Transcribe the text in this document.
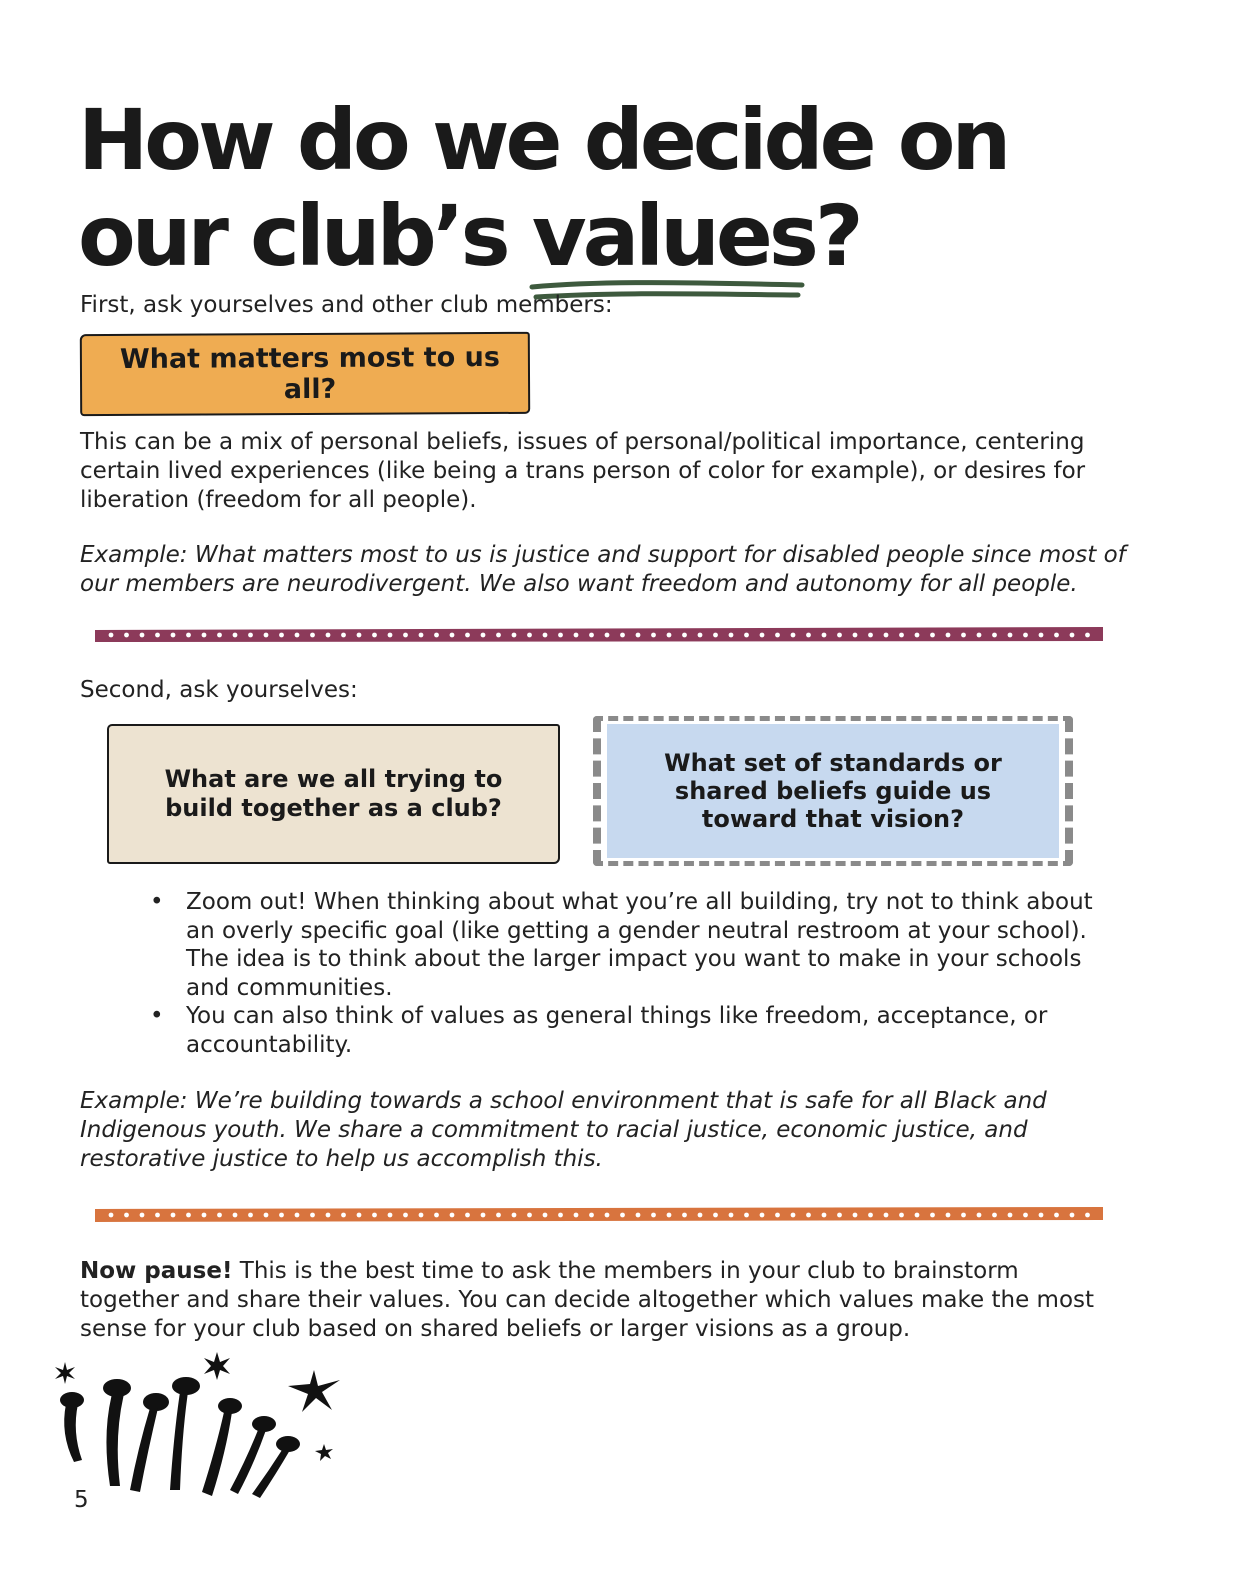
How do we decide on
our club’s values?

First, ask yourselves and other club members:

What matters most to us all?

This can be a mix of personal beliefs, issues of personal/political importance, centering certain lived experiences (like being a trans person of color for example), or desires for liberation (freedom for all people).

Example: What matters most to us is justice and support for disabled people since most of our members are neurodivergent. We also want freedom and autonomy for all people.

Second, ask yourselves:

What are we all trying to build together as a club?
What set of standards or shared beliefs guide us toward that vision?
• Zoom out! When thinking about what you’re all building, try not to think about an overly specific goal (like getting a gender neutral restroom at your school). The idea is to think about the larger impact you want to make in your schools and communities.
• You can also think of values as general things like freedom, acceptance, or accountability.

Example: We’re building towards a school environment that is safe for all Black and Indigenous youth. We share a commitment to racial justice, economic justice, and restorative justice to help us accomplish this.

Now pause! This is the best time to ask the members in your club to brainstorm together and share their values. You can decide altogether which values make the most sense for your club based on shared beliefs or larger visions as a group.

5
